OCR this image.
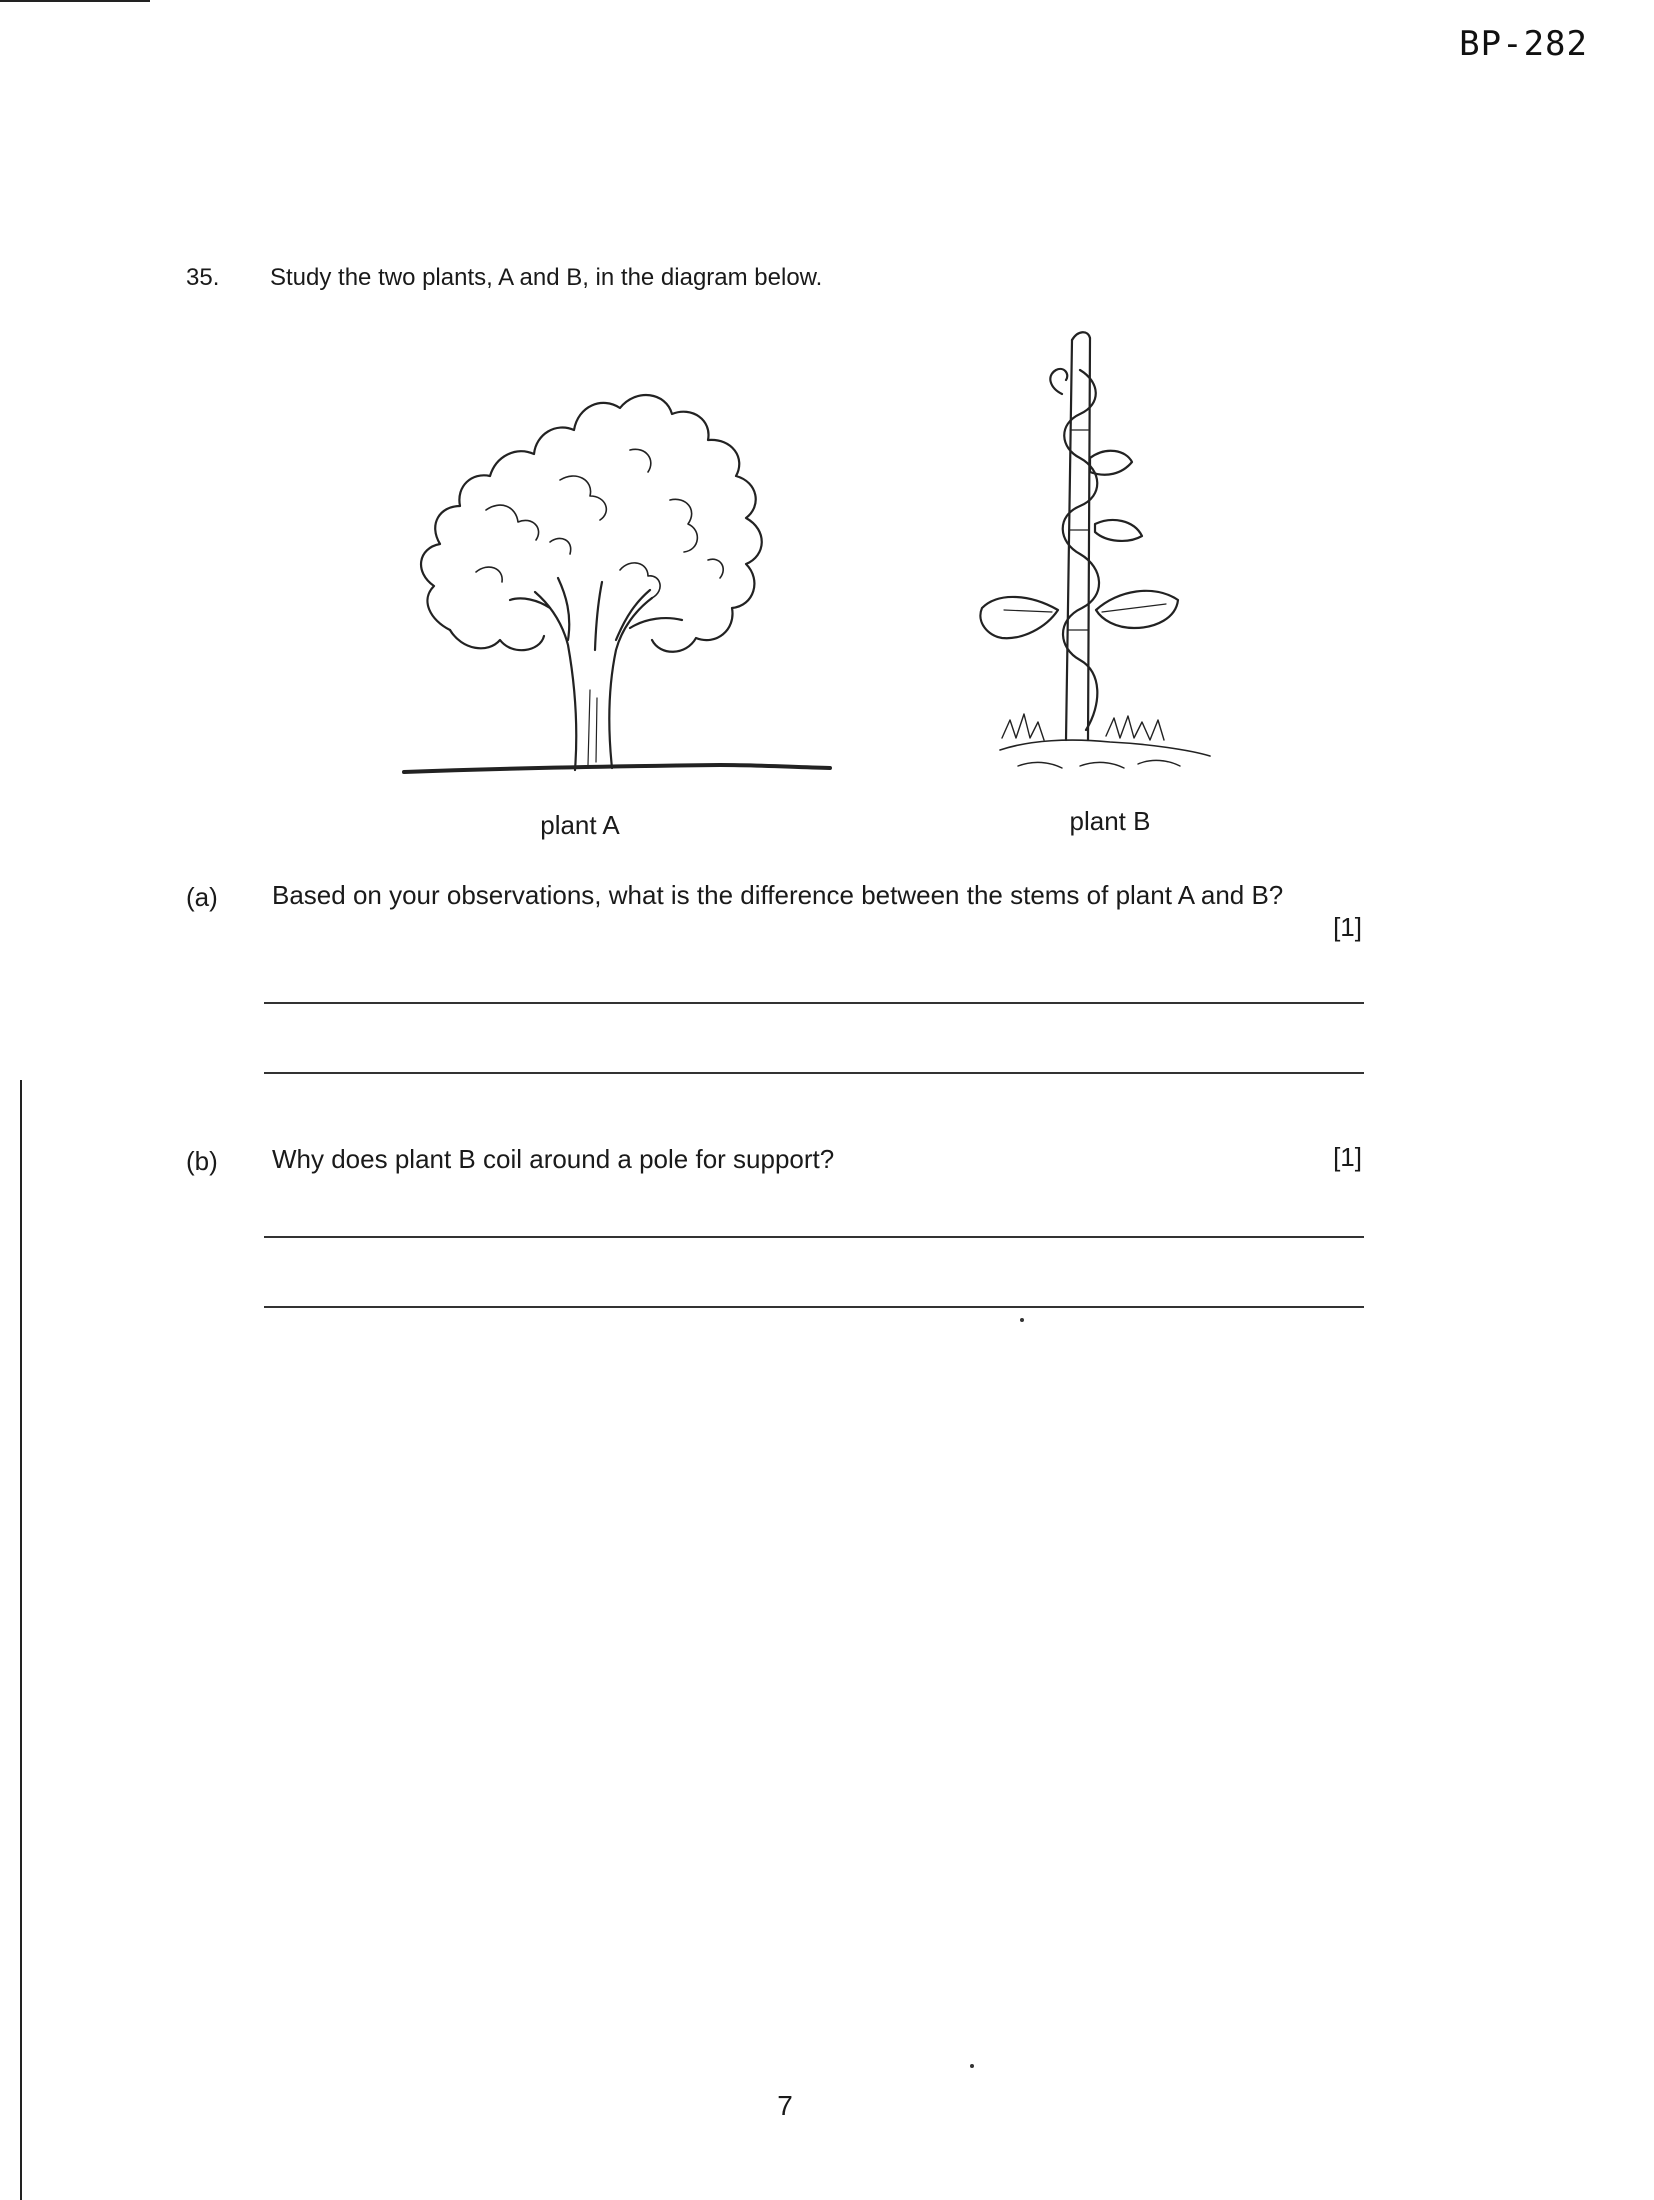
BP-282
35. Study the two plants, A and B, in the diagram below.
plant A	plant B
(a) Based on your observations, what is the difference between the stems of plant A and B?
[1]
(b) Why does plant B coil around a pole for support?	[1]
7
